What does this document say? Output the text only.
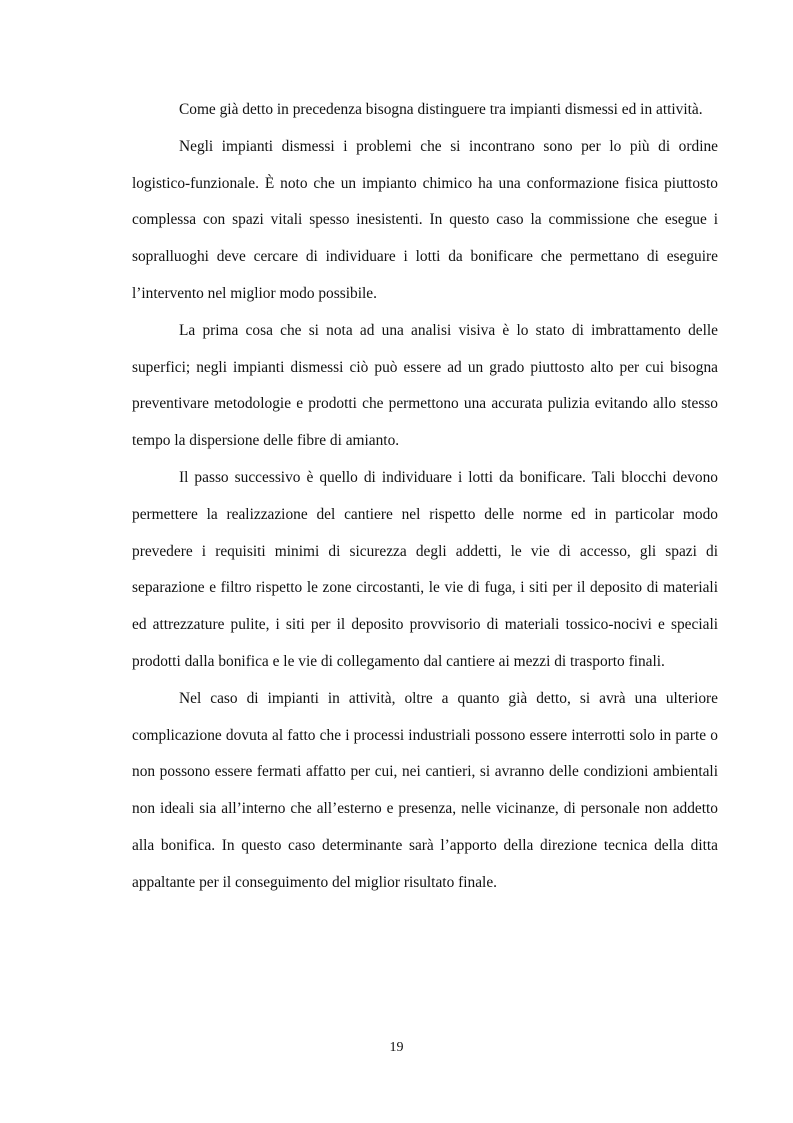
Come già detto in precedenza bisogna distinguere tra impianti dismessi ed in attività.

Negli impianti dismessi i problemi che si incontrano sono per lo più di ordine logistico-funzionale. È noto che un impianto chimico ha una conformazione fisica piuttosto complessa con spazi vitali spesso inesistenti. In questo caso la commissione che esegue i sopralluoghi deve cercare di individuare i lotti da bonificare che permettano di eseguire l’intervento nel miglior modo possibile.

La prima cosa che si nota ad una analisi visiva è lo stato di imbrattamento delle superfici; negli impianti dismessi ciò può essere ad un grado piuttosto alto per cui bisogna preventivare metodologie e prodotti che permettono una accurata pulizia evitando allo stesso tempo la dispersione delle fibre di amianto.

Il passo successivo è quello di individuare i lotti da bonificare. Tali blocchi devono permettere la realizzazione del cantiere nel rispetto delle norme ed in particolar modo prevedere i requisiti minimi di sicurezza degli addetti, le vie di accesso, gli spazi di separazione e filtro rispetto le zone circostanti, le vie di fuga, i siti per il deposito di materiali ed attrezzature pulite, i siti per il deposito provvisorio di materiali tossico-nocivi e speciali prodotti dalla bonifica e le vie di collegamento dal cantiere ai mezzi di trasporto finali.

Nel caso di impianti in attività, oltre a quanto già detto, si avrà una ulteriore complicazione dovuta al fatto che i processi industriali possono essere interrotti solo in parte o non possono essere fermati affatto per cui, nei cantieri, si avranno delle condizioni ambientali non ideali sia all’interno che all’esterno e presenza, nelle vicinanze, di personale non addetto alla bonifica. In questo caso determinante sarà l’apporto della direzione tecnica della ditta appaltante per il conseguimento del miglior risultato finale.

19
